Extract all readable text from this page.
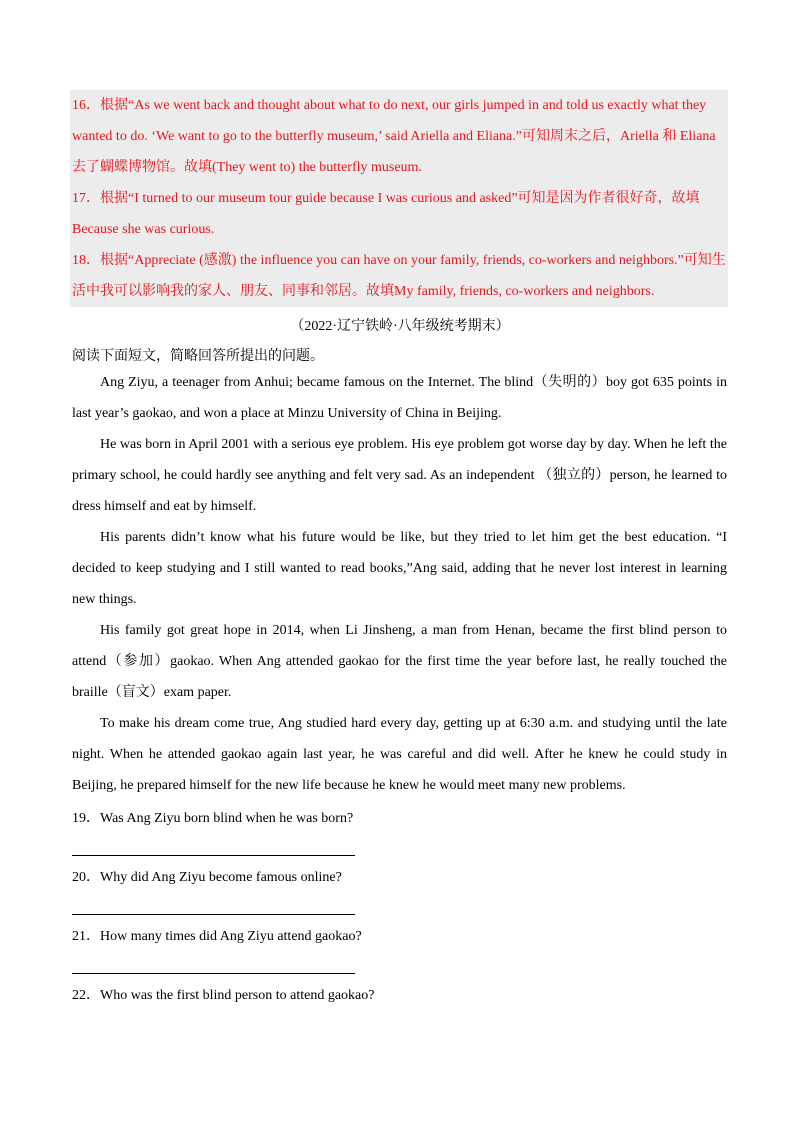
16．根据“As we went back and thought about what to do next, our girls jumped in and told us exactly what they wanted to do. ‘We want to go to the butterfly museum,’ said Ariella and Eliana.”可知周末之后，Ariella 和 Eliana 去了蝴蝶博物馆。故填(They went to) the butterfly museum.

17．根据“I turned to our museum tour guide because I was curious and asked”可知是因为作者很好奇，故填 Because she was curious.

18．根据“Appreciate (感激) the influence you can have on your family, friends, co-workers and neighbors.”可知生活中我可以影响我的家人、朋友、同事和邻居。故填My family, friends, co-workers and neighbors.

（2022·辽宁铁岭·八年级统考期末）
阅读下面短文，简略回答所提出的问题。

Ang Ziyu, a teenager from Anhui; became famous on the Internet. The blind（失明的）boy got 635 points in last year’s gaokao, and won a place at Minzu University of China in Beijing.

He was born in April 2001 with a serious eye problem. His eye problem got worse day by day. When he left the primary school, he could hardly see anything and felt very sad. As an independent （独立的）person, he learned to dress himself and eat by himself.

His parents didn’t know what his future would be like, but they tried to let him get the best education. “I decided to keep studying and I still wanted to read books,”Ang said, adding that he never lost interest in learning new things.

His family got great hope in 2014, when Li Jinsheng, a man from Henan, became the first blind person to attend（参加）gaokao. When Ang attended gaokao for the first time the year before last, he really touched the braille（盲文）exam paper.

To make his dream come true, Ang studied hard every day, getting up at 6:30 a.m. and studying until the late night. When he attended gaokao again last year, he was careful and did well. After he knew he could study in Beijing, he prepared himself for the new life because he knew he would meet many new problems.

19．Was Ang Ziyu born blind when he was born?
20．Why did Ang Ziyu become famous online?
21．How many times did Ang Ziyu attend gaokao?
22．Who was the first blind person to attend gaokao?
